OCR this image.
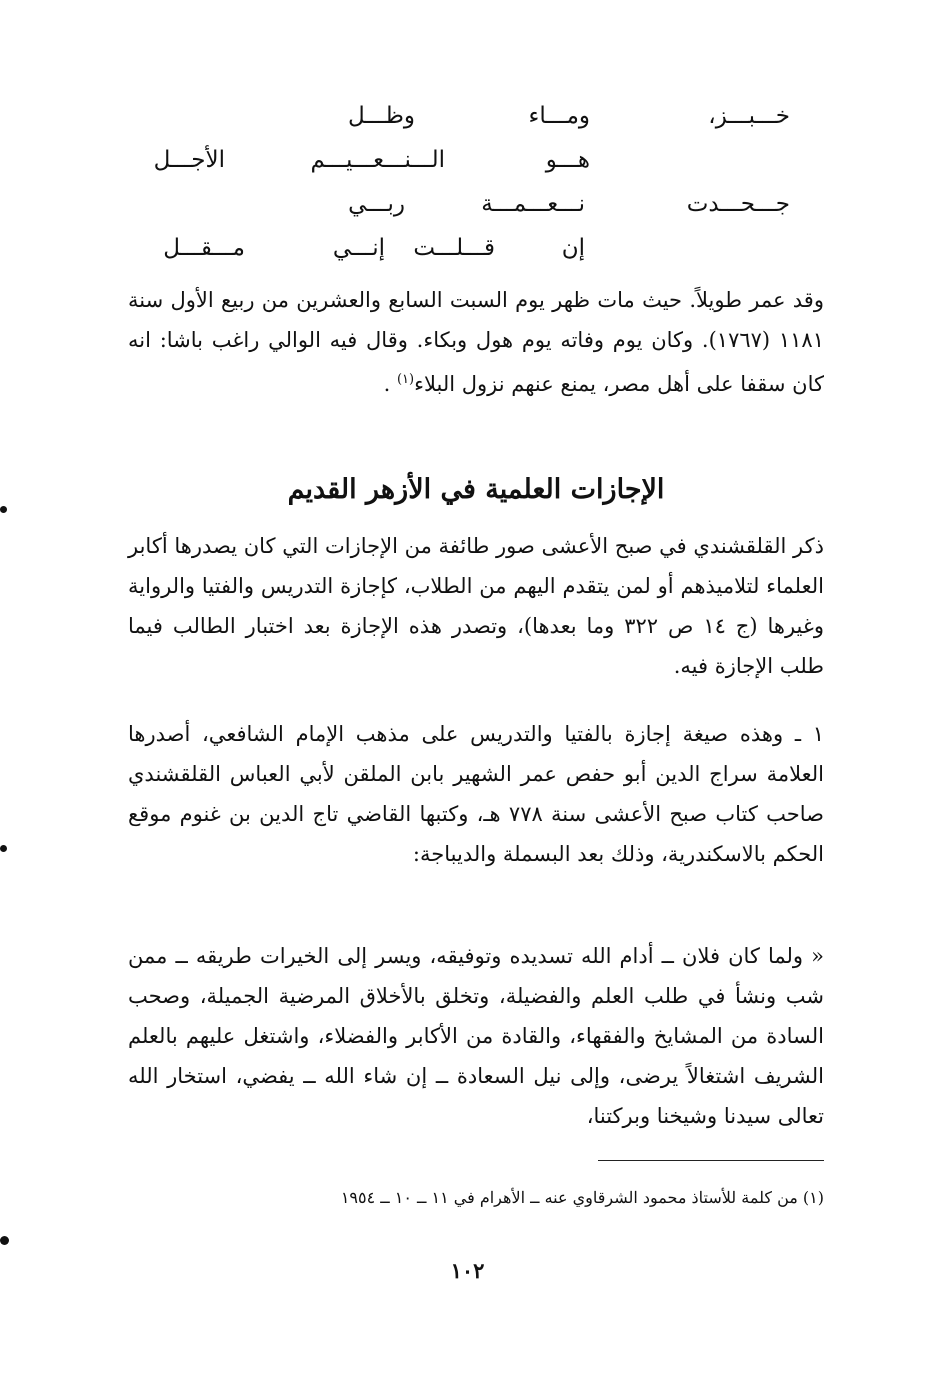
خـــبـــز،
ومـــاء
وظـــل
هـــو
الـــنـــعـــيـــم
الأجـــل
جـــحـــدت
نـــعـــمـــة
ربـــي
إن
قـــلـــت
إنـــي
مـــقـــل

وقد عمر طويلاً. حيث مات ظهر يوم السبت السابع والعشرين من ربيع الأول سنة ١١٨١ (١٧٦٧). وكان يوم وفاته يوم هول وبكاء. وقال فيه الوالي راغب باشا: انه كان سقفا على أهل مصر، يمنع عنهم نزول البلاء$^{(١)}$ .

الإجازات العلمية في الأزهر القديم

ذكر القلقشندي في صبح الأعشى صور طائفة من الإجازات التي كان يصدرها أكابر العلماء لتلاميذهم أو لمن يتقدم اليهم من الطلاب، كإجازة التدريس والفتيا والرواية وغيرها (ج ١٤ ص ٣٢٢ وما بعدها)، وتصدر هذه الإجازة بعد اختبار الطالب فيما طلب الإجازة فيه.

١ ـ وهذه صيغة إجازة بالفتيا والتدريس على مذهب الإمام الشافعي، أصدرها العلامة سراج الدين أبو حفص عمر الشهير بابن الملقن لأبي العباس القلقشندي صاحب كتاب صبح الأعشى سنة ٧٧٨ هـ، وكتبها القاضي تاج الدين بن غنوم موقع الحكم بالاسكندرية، وذلك بعد البسملة والديباجة:

« ولما كان فلان ــ أدام الله تسديده وتوفيقه، ويسر إلى الخيرات طريقه ــ ممن شب ونشأ في طلب العلم والفضيلة، وتخلق بالأخلاق المرضية الجميلة، وصحب السادة من المشايخ والفقهاء، والقادة من الأكابر والفضلاء، واشتغل عليهم بالعلم الشريف اشتغالاً يرضى، وإلى نيل السعادة ــ إن شاء الله ــ يفضي، استخار الله تعالى سيدنا وشيخنا وبركتنا،

(١) من كلمة للأستاذ محمود الشرقاوي عنه ــ الأهرام في ١١ ــ ١٠ ــ ١٩٥٤

١٠٢
